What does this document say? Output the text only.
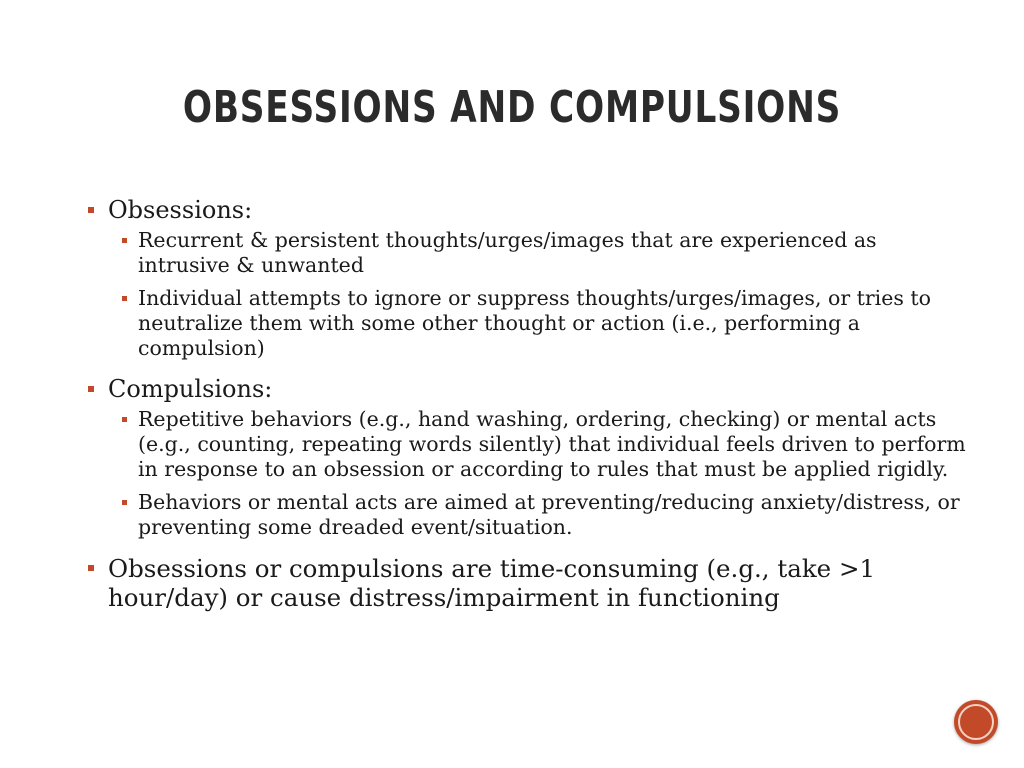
OBSESSIONS AND COMPULSIONS
Obsessions:
Recurrent & persistent thoughts/urges/images that are experienced as intrusive & unwanted
Individual attempts to ignore or suppress thoughts/urges/images, or tries to neutralize them with some other thought or action (i.e., performing a compulsion)
Compulsions:
Repetitive behaviors (e.g., hand washing, ordering, checking) or mental acts (e.g., counting, repeating words silently) that individual feels driven to perform in response to an obsession or according to rules that must be applied rigidly.
Behaviors or mental acts are aimed at preventing/reducing anxiety/distress, or preventing some dreaded event/situation.
Obsessions or compulsions are time-consuming (e.g., take >1 hour/day) or cause distress/impairment in functioning
